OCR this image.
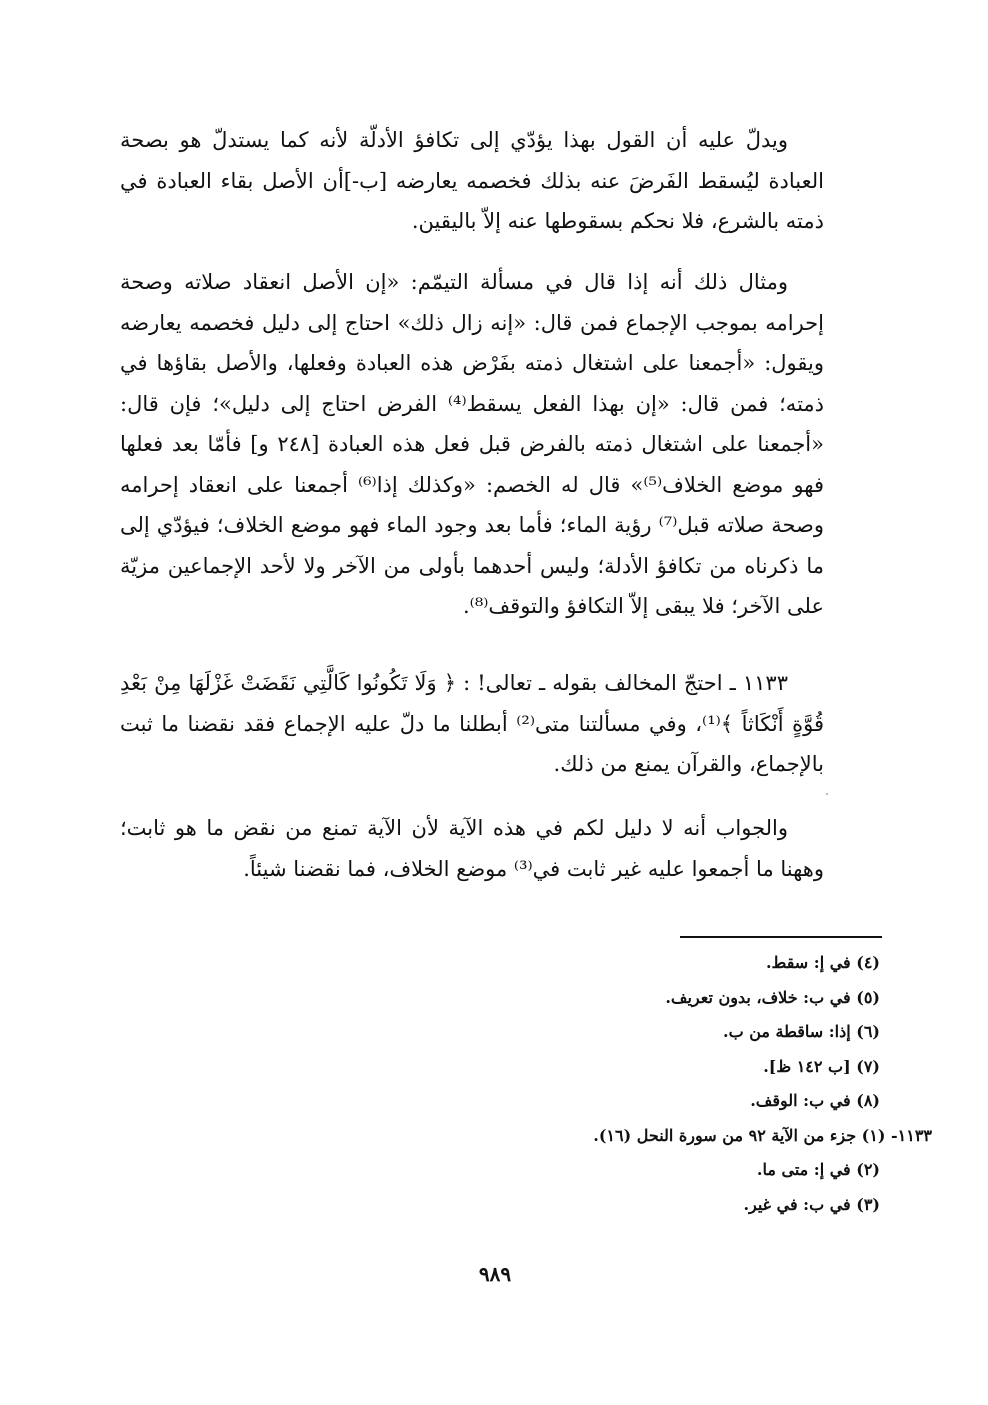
ويدلّ عليه أن القول بهذا يؤدّي إلى تكافؤ الأدلّة لأنه كما يستدلّ هو بصحة العبادة ليُسقط الفَرضَ عنه بذلك فخصمه يعارضه [ب-]أن الأصل بقاء العبادة في ذمته بالشرع، فلا نحكم بسقوطها عنه إلاّ باليقين.

ومثال ذلك أنه إذا قال في مسألة التيمّم: «إن الأصل انعقاد صلاته وصحة إحرامه بموجب الإجماع فمن قال: «إنه زال ذلك» احتاج إلى دليل فخصمه يعارضه ويقول: «أجمعنا على اشتغال ذمته بفَرْض هذه العبادة وفعلها، والأصل بقاؤها في ذمته؛ فمن قال: «إن بهذا الفعل يسقط⁽⁴⁾ الفرض احتاج إلى دليل»؛ فإن قال: «أجمعنا على اشتغال ذمته بالفرض قبل فعل هذه العبادة [٢٤٨ و] فأمّا بعد فعلها فهو موضع الخلاف⁽⁵⁾» قال له الخصم: «وكذلك إذا⁽⁶⁾ أجمعنا على انعقاد إحرامه وصحة صلاته قبل⁽⁷⁾ رؤية الماء؛ فأما بعد وجود الماء فهو موضع الخلاف؛ فيؤدّي إلى ما ذكرناه من تكافؤ الأدلة؛ وليس أحدهما بأولى من الآخر ولا لأحد الإجماعين مزيّة على الآخر؛ فلا يبقى إلاّ التكافؤ والتوقف⁽⁸⁾.

١١٣٣ ـ احتجّ المخالف بقوله ـ تعالى! : ﴿ وَلَا تَكُونُوا كَالَّتِي نَقَضَتْ غَزْلَهَا مِنْ بَعْدِ قُوَّةٍ أَنْكَاثاً ﴾⁽¹⁾، وفي مسألتنا متى⁽²⁾ أبطلنا ما دلّ عليه الإجماع فقد نقضنا ما ثبت بالإجماع، والقرآن يمنع من ذلك.

والجواب أنه لا دليل لكم في هذه الآية لأن الآية تمنع من نقض ما هو ثابت؛ وههنا ما أجمعوا عليه غير ثابت في⁽³⁾ موضع الخلاف، فما نقضنا شيئاً.

(٤) في إ: سقط.
(٥) في ب: خلاف، بدون تعريف.
(٦) إذا: ساقطة من ب.
(٧) [ب ١٤٢ ظ].
(٨) في ب: الوقف.
١١٣٣- (١) جزء من الآية ٩٢ من سورة النحل (١٦).
(٢) في إ: متى ما.
(٣) في ب: في غير.
٩٨٩
